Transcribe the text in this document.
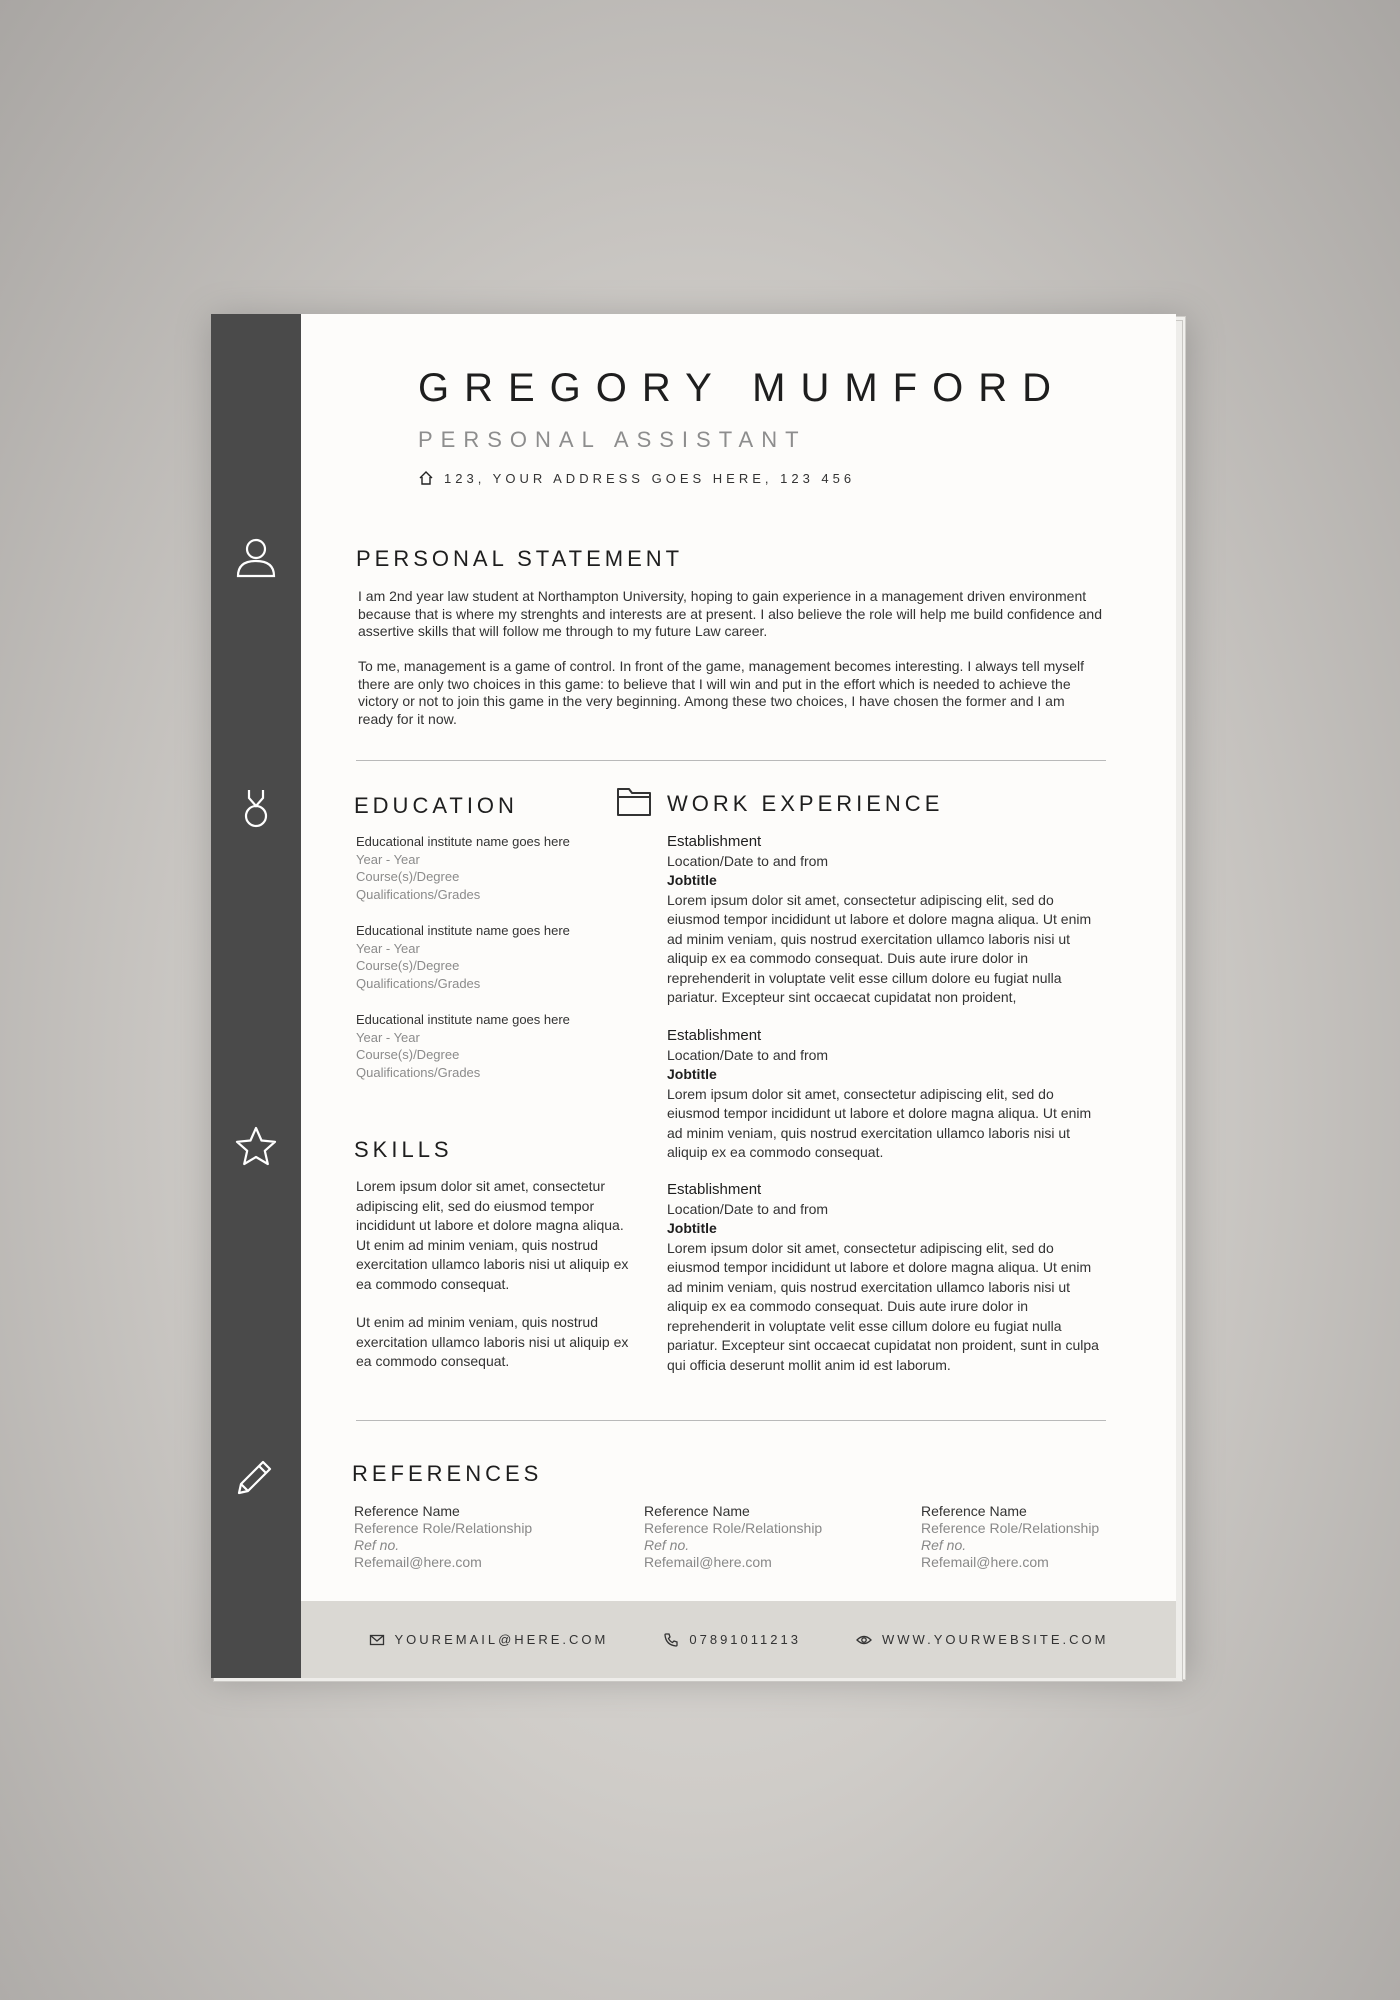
GREGORY MUMFORD
PERSONAL ASSISTANT
123, YOUR ADDRESS GOES HERE, 123 456
PERSONAL STATEMENT
I am 2nd year law student at Northampton University, hoping to gain experience in a management driven environment because that is where my strenghts and interests are at present. I also believe the role will help me build confidence and assertive skills that will follow me through to my future Law career.
To me, management is a game of control. In front of the game, management becomes interesting. I always tell myself there are only two choices in this game: to believe that I will win and put in the effort which is needed to achieve the victory or not to join this game in the very beginning. Among these two choices, I have chosen the former and I am ready for it now.
EDUCATION
Educational institute name goes here
Year - Year
Course(s)/Degree
Qualifications/Grades
Educational institute name goes here
Year - Year
Course(s)/Degree
Qualifications/Grades
Educational institute name goes here
Year - Year
Course(s)/Degree
Qualifications/Grades
SKILLS
Lorem ipsum dolor sit amet, consectetur adipiscing elit, sed do eiusmod tempor incididunt ut labore et dolore magna aliqua. Ut enim ad minim veniam, quis nostrud exercitation ullamco laboris nisi ut aliquip ex ea commodo consequat.
Ut enim ad minim veniam, quis nostrud exercitation ullamco laboris nisi ut aliquip ex ea commodo consequat.
WORK EXPERIENCE
Establishment
Location/Date to and from
Jobtitle
Lorem ipsum dolor sit amet, consectetur adipiscing elit, sed do eiusmod tempor incididunt ut labore et dolore magna aliqua. Ut enim ad minim veniam, quis nostrud exercitation ullamco laboris nisi ut aliquip ex ea commodo consequat. Duis aute irure dolor in reprehenderit in voluptate velit esse cillum dolore eu fugiat nulla pariatur. Excepteur sint occaecat cupidatat non proident,
Establishment
Location/Date to and from
Jobtitle
Lorem ipsum dolor sit amet, consectetur adipiscing elit, sed do eiusmod tempor incididunt ut labore et dolore magna aliqua. Ut enim ad minim veniam, quis nostrud exercitation ullamco laboris nisi ut aliquip ex ea commodo consequat.
Establishment
Location/Date to and from
Jobtitle
Lorem ipsum dolor sit amet, consectetur adipiscing elit, sed do eiusmod tempor incididunt ut labore et dolore magna aliqua. Ut enim ad minim veniam, quis nostrud exercitation ullamco laboris nisi ut aliquip ex ea commodo consequat. Duis aute irure dolor in reprehenderit in voluptate velit esse cillum dolore eu fugiat nulla pariatur. Excepteur sint occaecat cupidatat non proident, sunt in culpa qui officia deserunt mollit anim id est laborum.
REFERENCES
Reference Name
Reference Role/Relationship
Ref no.
Refemail@here.com
Reference Name
Reference Role/Relationship
Ref no.
Refemail@here.com
Reference Name
Reference Role/Relationship
Ref no.
Refemail@here.com
YOUREMAIL@HERE.COM	07891011213	WWW.YOURWEBSITE.COM
